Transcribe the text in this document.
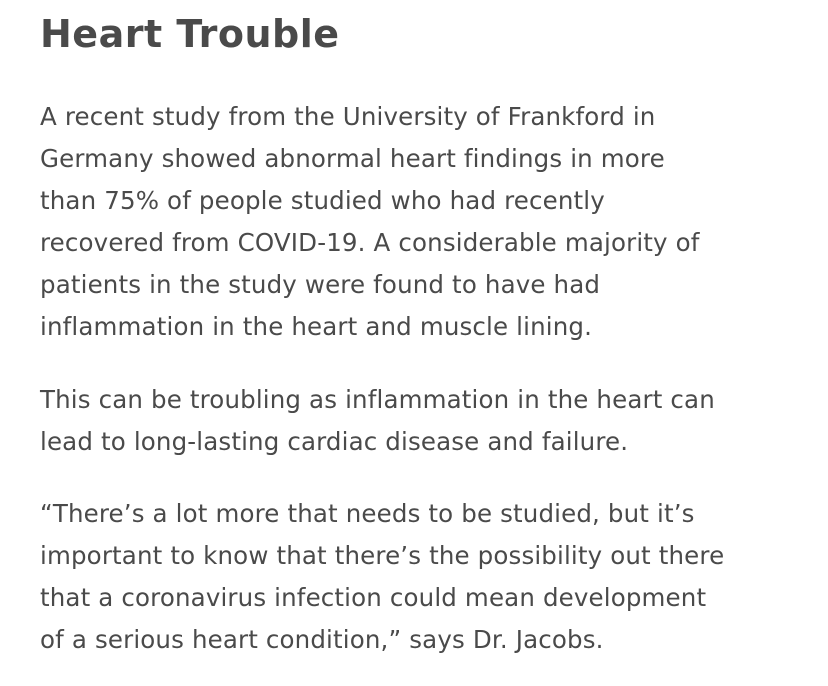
Heart Trouble

A recent study from the University of Frankford in
Germany showed abnormal heart findings in more
than 75% of people studied who had recently
recovered from COVID-19. A considerable majority of
patients in the study were found to have had
inflammation in the heart and muscle lining.

This can be troubling as inflammation in the heart can
lead to long-lasting cardiac disease and failure.

“There’s a lot more that needs to be studied, but it’s
important to know that there’s the possibility out there
that a coronavirus infection could mean development
of a serious heart condition,” says Dr. Jacobs.
